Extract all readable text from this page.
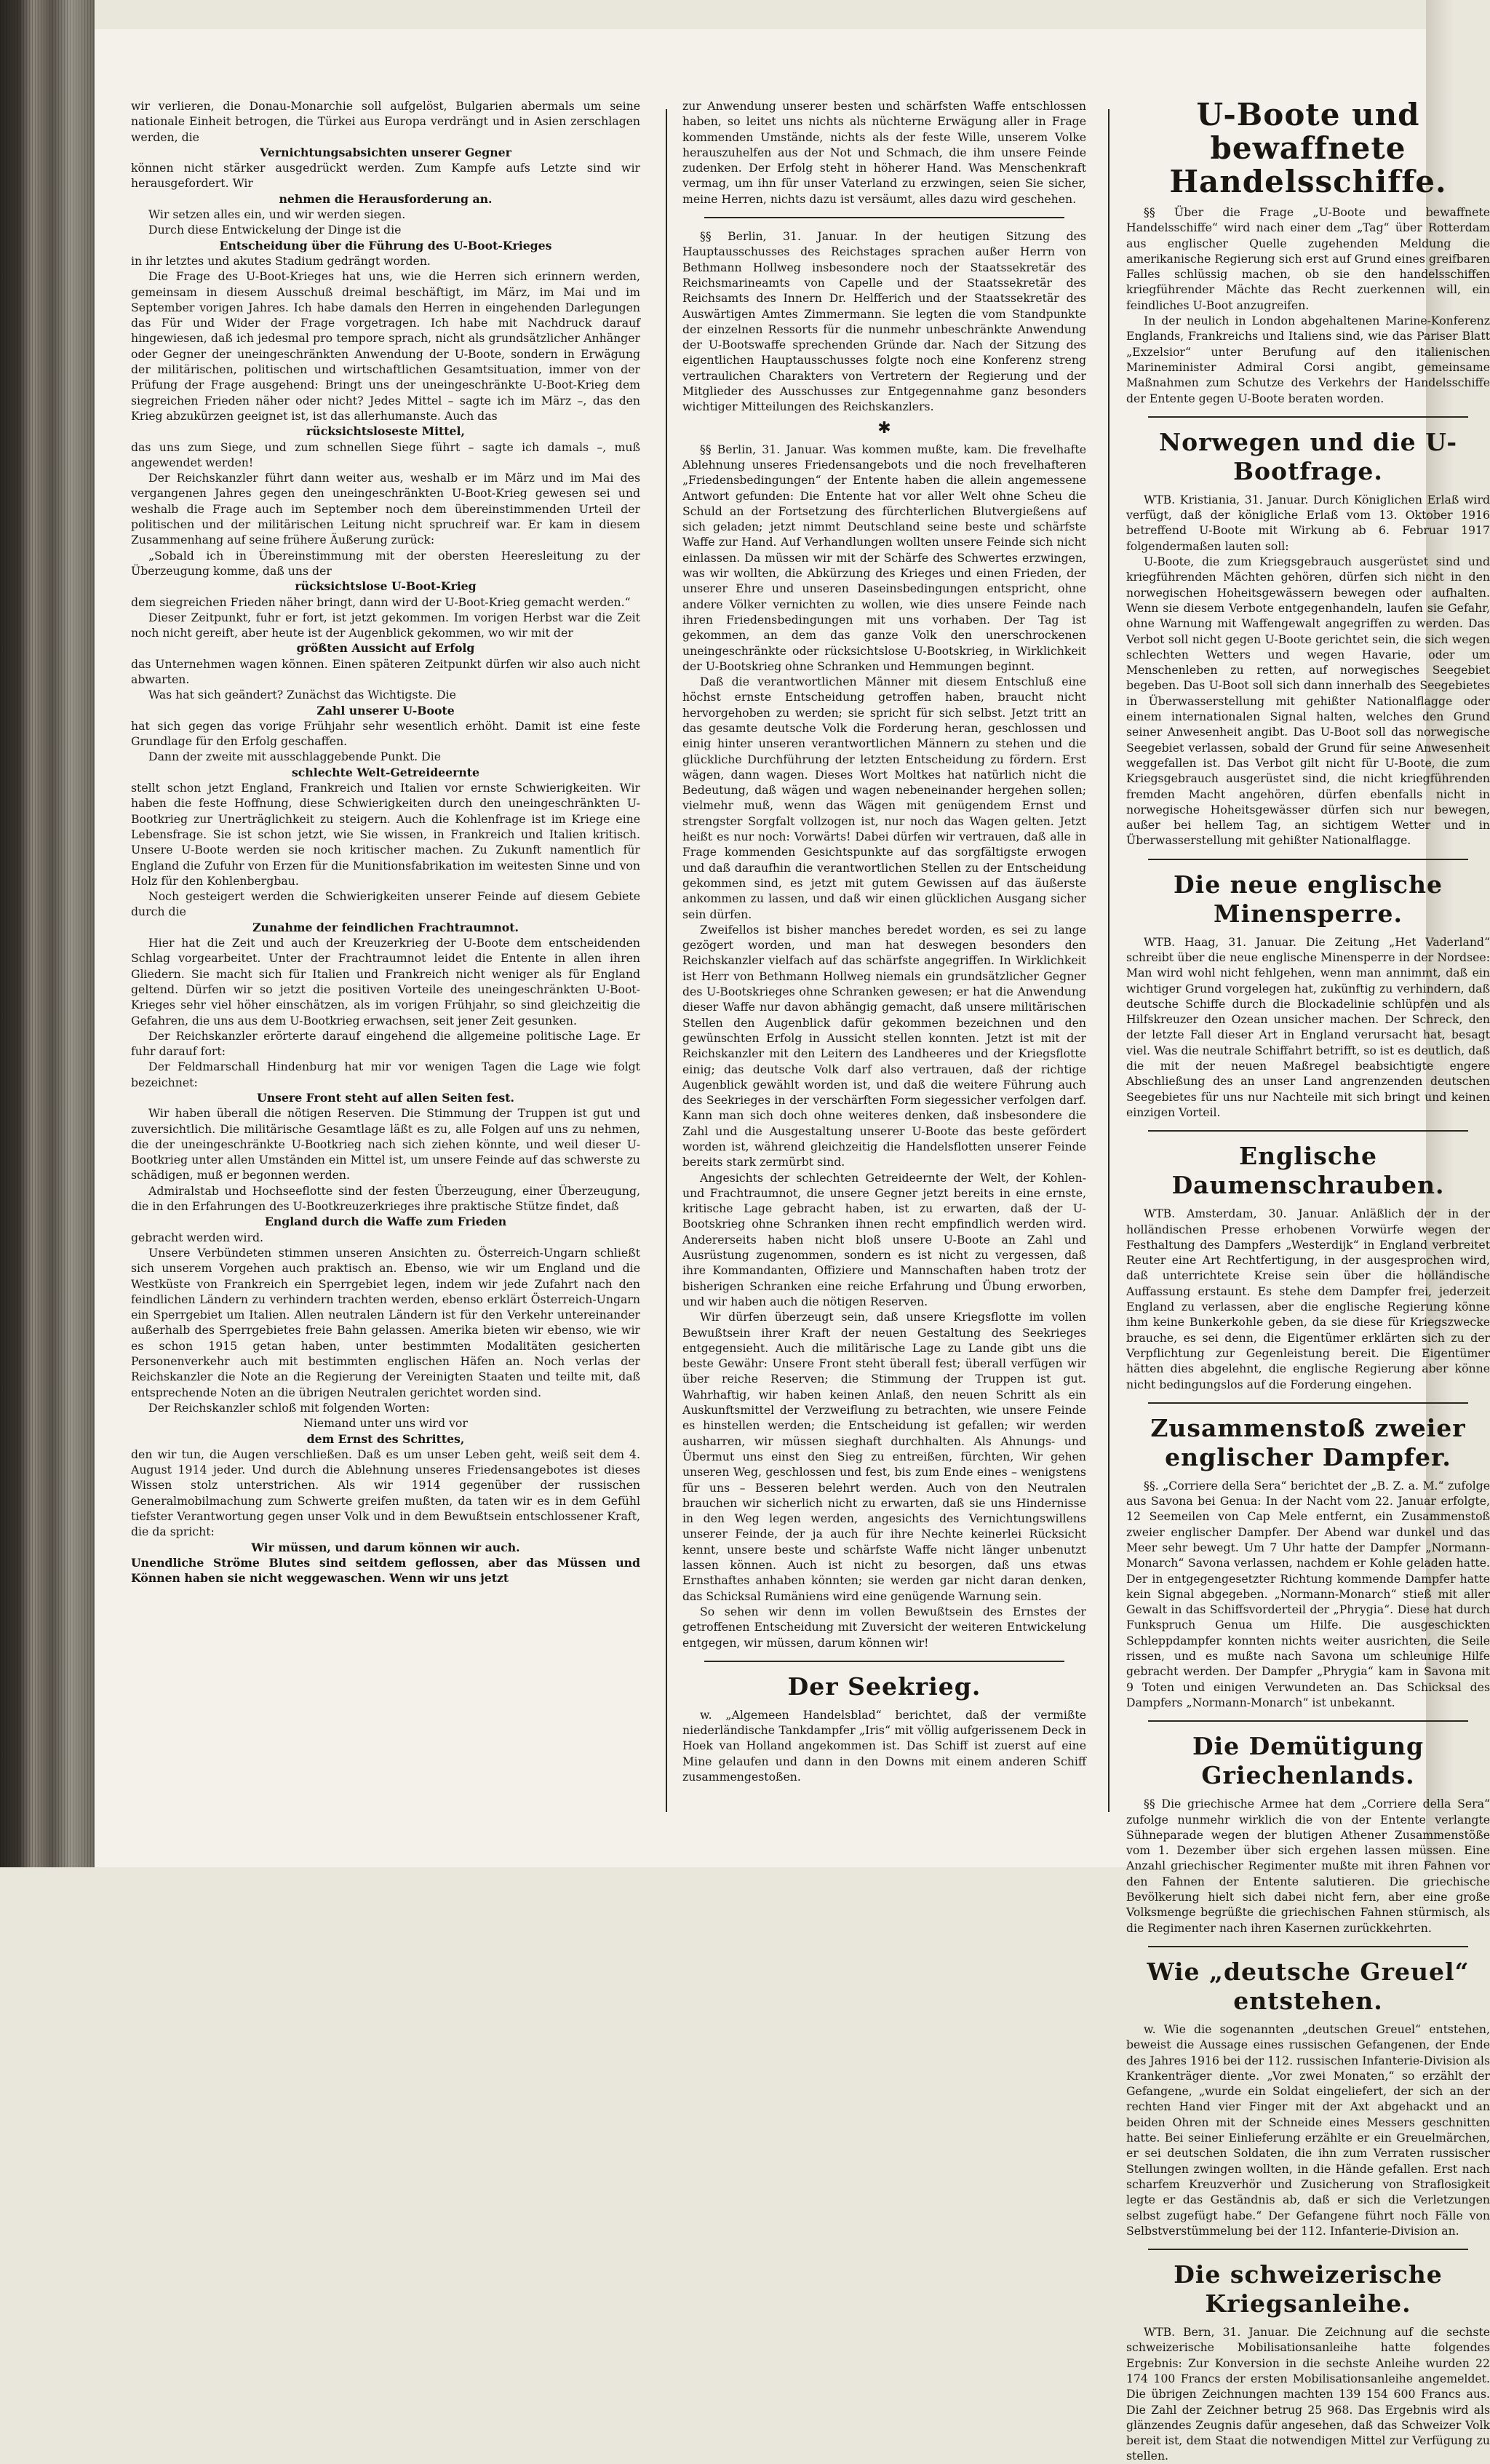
wir verlieren, die Donau-Monarchie soll aufgelöst, Bulgarien abermals um seine nationale Einheit betrogen, die Türkei aus Europa verdrängt und in Asien zerschlagen werden, die

Vernichtungsabsichten unserer Gegner

können nicht stärker ausgedrückt werden. Zum Kampfe aufs Letzte sind wir herausgefordert. Wir

nehmen die Herausforderung an.

Wir setzen alles ein, und wir werden siegen.

Durch diese Entwickelung der Dinge ist die

Entscheidung über die Führung des U-Boot-Krieges

in ihr letztes und akutes Stadium gedrängt worden.

Die Frage des U-Boot-Krieges hat uns, wie die Herren sich erinnern werden, gemeinsam in diesem Ausschuß dreimal beschäftigt, im März, im Mai und im September vorigen Jahres. Ich habe damals den Herren in eingehenden Darlegungen das Für und Wider der Frage vorgetragen. Ich habe mit Nachdruck darauf hingewiesen, daß ich jedesmal pro tempore sprach, nicht als grundsätzlicher Anhänger oder Gegner der uneingeschränkten Anwendung der U-Boote, sondern in Erwägung der militärischen, politischen und wirtschaftlichen Gesamtsituation, immer von der Prüfung der Frage ausgehend: Bringt uns der uneingeschränkte U-Boot-Krieg dem siegreichen Frieden näher oder nicht? Jedes Mittel – sagte ich im März –, das den Krieg abzukürzen geeignet ist, ist das allerhumanste. Auch das

rücksichtsloseste Mittel,

das uns zum Siege, und zum schnellen Siege führt – sagte ich damals –, muß angewendet werden!

Der Reichskanzler führt dann weiter aus, weshalb er im März und im Mai des vergangenen Jahres gegen den uneingeschränkten U-Boot-Krieg gewesen sei und weshalb die Frage auch im September noch dem übereinstimmenden Urteil der politischen und der militärischen Leitung nicht spruchreif war. Er kam in diesem Zusammenhang auf seine frühere Äußerung zurück:

„Sobald ich in Übereinstimmung mit der obersten Heeresleitung zu der Überzeugung komme, daß uns der

rücksichtslose U-Boot-Krieg

dem siegreichen Frieden näher bringt, dann wird der U-Boot-Krieg gemacht werden.“

Dieser Zeitpunkt, fuhr er fort, ist jetzt gekommen. Im vorigen Herbst war die Zeit noch nicht gereift, aber heute ist der Augenblick gekommen, wo wir mit der

größten Aussicht auf Erfolg

das Unternehmen wagen können. Einen späteren Zeitpunkt dürfen wir also auch nicht abwarten.

Was hat sich geändert? Zunächst das Wichtigste. Die

Zahl unserer U-Boote

hat sich gegen das vorige Frühjahr sehr wesentlich erhöht. Damit ist eine feste Grundlage für den Erfolg geschaffen.

Dann der zweite mit ausschlaggebende Punkt. Die

schlechte Welt-Getreideernte

stellt schon jetzt England, Frankreich und Italien vor ernste Schwierigkeiten. Wir haben die feste Hoffnung, diese Schwierigkeiten durch den uneingeschränkten U-Bootkrieg zur Unerträglichkeit zu steigern. Auch die Kohlenfrage ist im Kriege eine Lebensfrage. Sie ist schon jetzt, wie Sie wissen, in Frankreich und Italien kritisch. Unsere U-Boote werden sie noch kritischer machen. Zu Zukunft namentlich für England die Zufuhr von Erzen für die Munitionsfabrikation im weitesten Sinne und von Holz für den Kohlenbergbau.

Noch gesteigert werden die Schwierigkeiten unserer Feinde auf diesem Gebiete durch die

Zunahme der feindlichen Frachtraumnot.

Hier hat die Zeit und auch der Kreuzerkrieg der U-Boote dem entscheidenden Schlag vorgearbeitet. Unter der Frachtraumnot leidet die Entente in allen ihren Gliedern. Sie macht sich für Italien und Frankreich nicht weniger als für England geltend. Dürfen wir so jetzt die positiven Vorteile des uneingeschränkten U-Boot-Krieges sehr viel höher einschätzen, als im vorigen Frühjahr, so sind gleichzeitig die Gefahren, die uns aus dem U-Bootkrieg erwachsen, seit jener Zeit gesunken.

Der Reichskanzler erörterte darauf eingehend die allgemeine politische Lage. Er fuhr darauf fort:

Der Feldmarschall Hindenburg hat mir vor wenigen Tagen die Lage wie folgt bezeichnet:

Unsere Front steht auf allen Seiten fest.

Wir haben überall die nötigen Reserven. Die Stimmung der Truppen ist gut und zuversichtlich. Die militärische Gesamtlage läßt es zu, alle Folgen auf uns zu nehmen, die der uneingeschränkte U-Bootkrieg nach sich ziehen könnte, und weil dieser U-Bootkrieg unter allen Umständen ein Mittel ist, um unsere Feinde auf das schwerste zu schädigen, muß er begonnen werden.

Admiralstab und Hochseeflotte sind der festen Überzeugung, einer Überzeugung, die in den Erfahrungen des U-Bootkreuzerkrieges ihre praktische Stütze findet, daß

England durch die Waffe zum Frieden

gebracht werden wird.

Unsere Verbündeten stimmen unseren Ansichten zu. Österreich-Ungarn schließt sich unserem Vorgehen auch praktisch an. Ebenso, wie wir um England und die Westküste von Frankreich ein Sperrgebiet legen, indem wir jede Zufahrt nach den feindlichen Ländern zu verhindern trachten werden, ebenso erklärt Österreich-Ungarn ein Sperrgebiet um Italien. Allen neutralen Ländern ist für den Verkehr untereinander außerhalb des Sperrgebietes freie Bahn gelassen. Amerika bieten wir ebenso, wie wir es schon 1915 getan haben, unter bestimmten Modalitäten gesicherten Personenverkehr auch mit bestimmten englischen Häfen an. Noch verlas der Reichskanzler die Note an die Regierung der Vereinigten Staaten und teilte mit, daß entsprechende Noten an die übrigen Neutralen gerichtet worden sind.

Der Reichskanzler schloß mit folgenden Worten:

Niemand unter uns wird vor

dem Ernst des Schrittes,

den wir tun, die Augen verschließen. Daß es um unser Leben geht, weiß seit dem 4. August 1914 jeder. Und durch die Ablehnung unseres Friedensangebotes ist dieses Wissen stolz unterstrichen. Als wir 1914 gegenüber der russischen Generalmobilmachung zum Schwerte greifen mußten, da taten wir es in dem Gefühl tiefster Verantwortung gegen unser Volk und in dem Bewußtsein entschlossener Kraft, die da spricht:

Wir müssen, und darum können wir auch.

Unendliche Ströme Blutes sind seitdem geflossen, aber das Müssen und Können haben sie nicht weggewaschen. Wenn wir uns jetzt

zur Anwendung unserer besten und schärfsten Waffe entschlossen haben, so leitet uns nichts als nüchterne Erwägung aller in Frage kommenden Umstände, nichts als der feste Wille, unserem Volke herauszuhelfen aus der Not und Schmach, die ihm unsere Feinde zudenken. Der Erfolg steht in höherer Hand. Was Menschenkraft vermag, um ihn für unser Vaterland zu erzwingen, seien Sie sicher, meine Herren, nichts dazu ist versäumt, alles dazu wird geschehen.

§§ Berlin, 31. Januar. In der heutigen Sitzung des Hauptausschusses des Reichstages sprachen außer Herrn von Bethmann Hollweg insbesondere noch der Staatssekretär des Reichsmarineamts von Capelle und der Staatssekretär des Reichsamts des Innern Dr. Helfferich und der Staatssekretär des Auswärtigen Amtes Zimmermann. Sie legten die vom Standpunkte der einzelnen Ressorts für die nunmehr unbeschränkte Anwendung der U-Bootswaffe sprechenden Gründe dar. Nach der Sitzung des eigentlichen Hauptausschusses folgte noch eine Konferenz streng vertraulichen Charakters von Vertretern der Regierung und der Mitglieder des Ausschusses zur Entgegennahme ganz besonders wichtiger Mitteilungen des Reichskanzlers.

✱

§§ Berlin, 31. Januar. Was kommen mußte, kam. Die frevelhafte Ablehnung unseres Friedensangebots und die noch frevelhafteren „Friedensbedingungen“ der Entente haben die allein angemessene Antwort gefunden: Die Entente hat vor aller Welt ohne Scheu die Schuld an der Fortsetzung des fürchterlichen Blutvergießens auf sich geladen; jetzt nimmt Deutschland seine beste und schärfste Waffe zur Hand. Auf Verhandlungen wollten unsere Feinde sich nicht einlassen. Da müssen wir mit der Schärfe des Schwertes erzwingen, was wir wollten, die Abkürzung des Krieges und einen Frieden, der unserer Ehre und unseren Daseinsbedingungen entspricht, ohne andere Völker vernichten zu wollen, wie dies unsere Feinde nach ihren Friedensbedingungen mit uns vorhaben. Der Tag ist gekommen, an dem das ganze Volk den unerschrockenen uneingeschränkte oder rücksichtslose U-Bootskrieg, in Wirklichkeit der U-Bootskrieg ohne Schranken und Hemmungen beginnt.

Daß die verantwortlichen Männer mit diesem Entschluß eine höchst ernste Entscheidung getroffen haben, braucht nicht hervorgehoben zu werden; sie spricht für sich selbst. Jetzt tritt an das gesamte deutsche Volk die Forderung heran, geschlossen und einig hinter unseren verantwortlichen Männern zu stehen und die glückliche Durchführung der letzten Entscheidung zu fördern. Erst wägen, dann wagen. Dieses Wort Moltkes hat natürlich nicht die Bedeutung, daß wägen und wagen nebeneinander hergehen sollen; vielmehr muß, wenn das Wägen mit genügendem Ernst und strengster Sorgfalt vollzogen ist, nur noch das Wagen gelten. Jetzt heißt es nur noch: Vorwärts! Dabei dürfen wir vertrauen, daß alle in Frage kommenden Gesichtspunkte auf das sorgfältigste erwogen und daß daraufhin die verantwortlichen Stellen zu der Entscheidung gekommen sind, es jetzt mit gutem Gewissen auf das äußerste ankommen zu lassen, und daß wir einen glücklichen Ausgang sicher sein dürfen.

Zweifellos ist bisher manches beredet worden, es sei zu lange gezögert worden, und man hat deswegen besonders den Reichskanzler vielfach auf das schärfste angegriffen. In Wirklichkeit ist Herr von Bethmann Hollweg niemals ein grundsätzlicher Gegner des U-Bootskrieges ohne Schranken gewesen; er hat die Anwendung dieser Waffe nur davon abhängig gemacht, daß unsere militärischen Stellen den Augenblick dafür gekommen bezeichnen und den gewünschten Erfolg in Aussicht stellen konnten. Jetzt ist mit der Reichskanzler mit den Leitern des Landheeres und der Kriegsflotte einig; das deutsche Volk darf also vertrauen, daß der richtige Augenblick gewählt worden ist, und daß die weitere Führung auch des Seekrieges in der verschärften Form siegessicher verfolgen darf. Kann man sich doch ohne weiteres denken, daß insbesondere die Zahl und die Ausgestaltung unserer U-Boote das beste gefördert worden ist, während gleichzeitig die Handelsflotten unserer Feinde bereits stark zermürbt sind.

Angesichts der schlechten Getreideernte der Welt, der Kohlen- und Frachtraumnot, die unsere Gegner jetzt bereits in eine ernste, kritische Lage gebracht haben, ist zu erwarten, daß der U-Bootskrieg ohne Schranken ihnen recht empfindlich werden wird. Andererseits haben nicht bloß unsere U-Boote an Zahl und Ausrüstung zugenommen, sondern es ist nicht zu vergessen, daß ihre Kommandanten, Offiziere und Mannschaften haben trotz der bisherigen Schranken eine reiche Erfahrung und Übung erworben, und wir haben auch die nötigen Reserven.

Wir dürfen überzeugt sein, daß unsere Kriegsflotte im vollen Bewußtsein ihrer Kraft der neuen Gestaltung des Seekrieges entgegensieht. Auch die militärische Lage zu Lande gibt uns die beste Gewähr: Unsere Front steht überall fest; überall verfügen wir über reiche Reserven; die Stimmung der Truppen ist gut. Wahrhaftig, wir haben keinen Anlaß, den neuen Schritt als ein Auskunftsmittel der Verzweiflung zu betrachten, wie unsere Feinde es hinstellen werden; die Entscheidung ist gefallen; wir werden ausharren, wir müssen sieghaft durchhalten. Als Ahnungs- und Übermut uns einst den Sieg zu entreißen, fürchten, Wir gehen unseren Weg, geschlossen und fest, bis zum Ende eines – wenigstens für uns – Besseren belehrt werden. Auch von den Neutralen brauchen wir sicherlich nicht zu erwarten, daß sie uns Hindernisse in den Weg legen werden, angesichts des Vernichtungswillens unserer Feinde, der ja auch für ihre Nechte keinerlei Rücksicht kennt, unsere beste und schärfste Waffe nicht länger unbenutzt lassen können. Auch ist nicht zu besorgen, daß uns etwas Ernsthaftes anhaben könnten; sie werden gar nicht daran denken, das Schicksal Rumäniens wird eine genügende Warnung sein.

So sehen wir denn im vollen Bewußtsein des Ernstes der getroffenen Entscheidung mit Zuversicht der weiteren Entwickelung entgegen, wir müssen, darum können wir!

Der Seekrieg.

w. „Algemeen Handelsblad“ berichtet, daß der vermißte niederländische Tankdampfer „Iris“ mit völlig aufgerissenem Deck in Hoek van Holland angekommen ist. Das Schiff ist zuerst auf eine Mine gelaufen und dann in den Downs mit einem anderen Schiff zusammengestoßen.

U-Boote und bewaffnete Handelsschiffe.

§§ Über die Frage „U-Boote und bewaffnete Handelsschiffe“ wird nach einer dem „Tag“ über Rotterdam aus englischer Quelle zugehenden Meldung die amerikanische Regierung sich erst auf Grund eines greifbaren Falles schlüssig machen, ob sie den handelsschiffen kriegführender Mächte das Recht zuerkennen will, ein feindliches U-Boot anzugreifen.

In der neulich in London abgehaltenen Marine-Konferenz Englands, Frankreichs und Italiens sind, wie das Pariser Blatt „Exzelsior“ unter Berufung auf den italienischen Marineminister Admiral Corsi angibt, gemeinsame Maßnahmen zum Schutze des Verkehrs der Handelsschiffe der Entente gegen U-Boote beraten worden.

Norwegen und die U-Bootfrage.

WTB. Kristiania, 31. Januar. Durch Königlichen Erlaß wird verfügt, daß der königliche Erlaß vom 13. Oktober 1916 betreffend U-Boote mit Wirkung ab 6. Februar 1917 folgendermaßen lauten soll:

U-Boote, die zum Kriegsgebrauch ausgerüstet sind und kriegführenden Mächten gehören, dürfen sich nicht in den norwegischen Hoheitsgewässern bewegen oder aufhalten. Wenn sie diesem Verbote entgegenhandeln, laufen sie Gefahr, ohne Warnung mit Waffengewalt angegriffen zu werden. Das Verbot soll nicht gegen U-Boote gerichtet sein, die sich wegen schlechten Wetters und wegen Havarie, oder um Menschenleben zu retten, auf norwegisches Seegebiet begeben. Das U-Boot soll sich dann innerhalb des Seegebietes in Überwasserstellung mit gehißter Nationalflagge oder einem internationalen Signal halten, welches den Grund seiner Anwesenheit angibt. Das U-Boot soll das norwegische Seegebiet verlassen, sobald der Grund für seine Anwesenheit weggefallen ist. Das Verbot gilt nicht für U-Boote, die zum Kriegsgebrauch ausgerüstet sind, die nicht kriegführenden fremden Macht angehören, dürfen ebenfalls nicht in norwegische Hoheitsgewässer dürfen sich nur bewegen, außer bei hellem Tag, an sichtigem Wetter und in Überwasserstellung mit gehißter Nationalflagge.

Die neue englische Minensperre.

WTB. Haag, 31. Januar. Die Zeitung „Het Vaderland“ schreibt über die neue englische Minensperre in der Nordsee: Man wird wohl nicht fehlgehen, wenn man annimmt, daß ein wichtiger Grund vorgelegen hat, zukünftig zu verhindern, daß deutsche Schiffe durch die Blockadelinie schlüpfen und als Hilfskreuzer den Ozean unsicher machen. Der Schreck, den der letzte Fall dieser Art in England verursacht hat, besagt viel. Was die neutrale Schiffahrt betrifft, so ist es deutlich, daß die mit der neuen Maßregel beabsichtigte engere Abschließung des an unser Land angrenzenden deutschen Seegebietes für uns nur Nachteile mit sich bringt und keinen einzigen Vorteil.

Englische Daumenschrauben.

WTB. Amsterdam, 30. Januar. Anläßlich der in der holländischen Presse erhobenen Vorwürfe wegen der Festhaltung des Dampfers „Westerdijk“ in England verbreitet Reuter eine Art Rechtfertigung, in der ausgesprochen wird, daß unterrichtete Kreise sein über die holländische Auffassung erstaunt. Es stehe dem Dampfer frei, jederzeit England zu verlassen, aber die englische Regierung könne ihm keine Bunkerkohle geben, da sie diese für Kriegszwecke brauche, es sei denn, die Eigentümer erklärten sich zu der Verpflichtung zur Gegenleistung bereit. Die Eigentümer hätten dies abgelehnt, die englische Regierung aber könne nicht bedingungslos auf die Forderung eingehen.

Zusammenstoß zweier englischer Dampfer.

§§. „Corriere della Sera“ berichtet der „B. Z. a. M.“ zufolge aus Savona bei Genua: In der Nacht vom 22. Januar erfolgte, 12 Seemeilen von Cap Mele entfernt, ein Zusammenstoß zweier englischer Dampfer. Der Abend war dunkel und das Meer sehr bewegt. Um 7 Uhr hatte der Dampfer „Normann-Monarch“ Savona verlassen, nachdem er Kohle geladen hatte. Der in entgegengesetzter Richtung kommende Dampfer hatte kein Signal abgegeben. „Normann-Monarch“ stieß mit aller Gewalt in das Schiffsvorderteil der „Phrygia“. Diese hat durch Funkspruch Genua um Hilfe. Die ausgeschickten Schleppdampfer konnten nichts weiter ausrichten, die Seile rissen, und es mußte nach Savona um schleunige Hilfe gebracht werden. Der Dampfer „Phrygia“ kam in Savona mit 9 Toten und einigen Verwundeten an. Das Schicksal des Dampfers „Normann-Monarch“ ist unbekannt.

Die Demütigung Griechenlands.

§§ Die griechische Armee hat dem „Corriere della Sera“ zufolge nunmehr wirklich die von der Entente verlangte Sühneparade wegen der blutigen Athener Zusammenstöße vom 1. Dezember über sich ergehen lassen müssen. Eine Anzahl griechischer Regimenter mußte mit ihren Fahnen vor den Fahnen der Entente salutieren. Die griechische Bevölkerung hielt sich dabei nicht fern, aber eine große Volksmenge begrüßte die griechischen Fahnen stürmisch, als die Regimenter nach ihren Kasernen zurückkehrten.

Wie „deutsche Greuel“ entstehen.

w. Wie die sogenannten „deutschen Greuel“ entstehen, beweist die Aussage eines russischen Gefangenen, der Ende des Jahres 1916 bei der 112. russischen Infanterie-Division als Krankenträger diente. „Vor zwei Monaten,“ so erzählt der Gefangene, „wurde ein Soldat eingeliefert, der sich an der rechten Hand vier Finger mit der Axt abgehackt und an beiden Ohren mit der Schneide eines Messers geschnitten hatte. Bei seiner Einlieferung erzählte er ein Greuelmärchen, er sei deutschen Soldaten, die ihn zum Verraten russischer Stellungen zwingen wollten, in die Hände gefallen. Erst nach scharfem Kreuzverhör und Zusicherung von Straflosigkeit legte er das Geständnis ab, daß er sich die Verletzungen selbst zugefügt habe.“ Der Gefangene führt noch Fälle von Selbstverstümmelung bei der 112. Infanterie-Division an.

Die schweizerische Kriegsanleihe.

WTB. Bern, 31. Januar. Die Zeichnung auf die sechste schweizerische Mobilisationsanleihe hatte folgendes Ergebnis: Zur Konversion in die sechste Anleihe wurden 22 174 100 Francs der ersten Mobilisationsanleihe angemeldet. Die übrigen Zeichnungen machten 139 154 600 Francs aus. Die Zahl der Zeichner betrug 25 968. Das Ergebnis wird als glänzendes Zeugnis dafür angesehen, daß das Schweizer Volk bereit ist, dem Staat die notwendigen Mittel zur Verfügung zu stellen.
